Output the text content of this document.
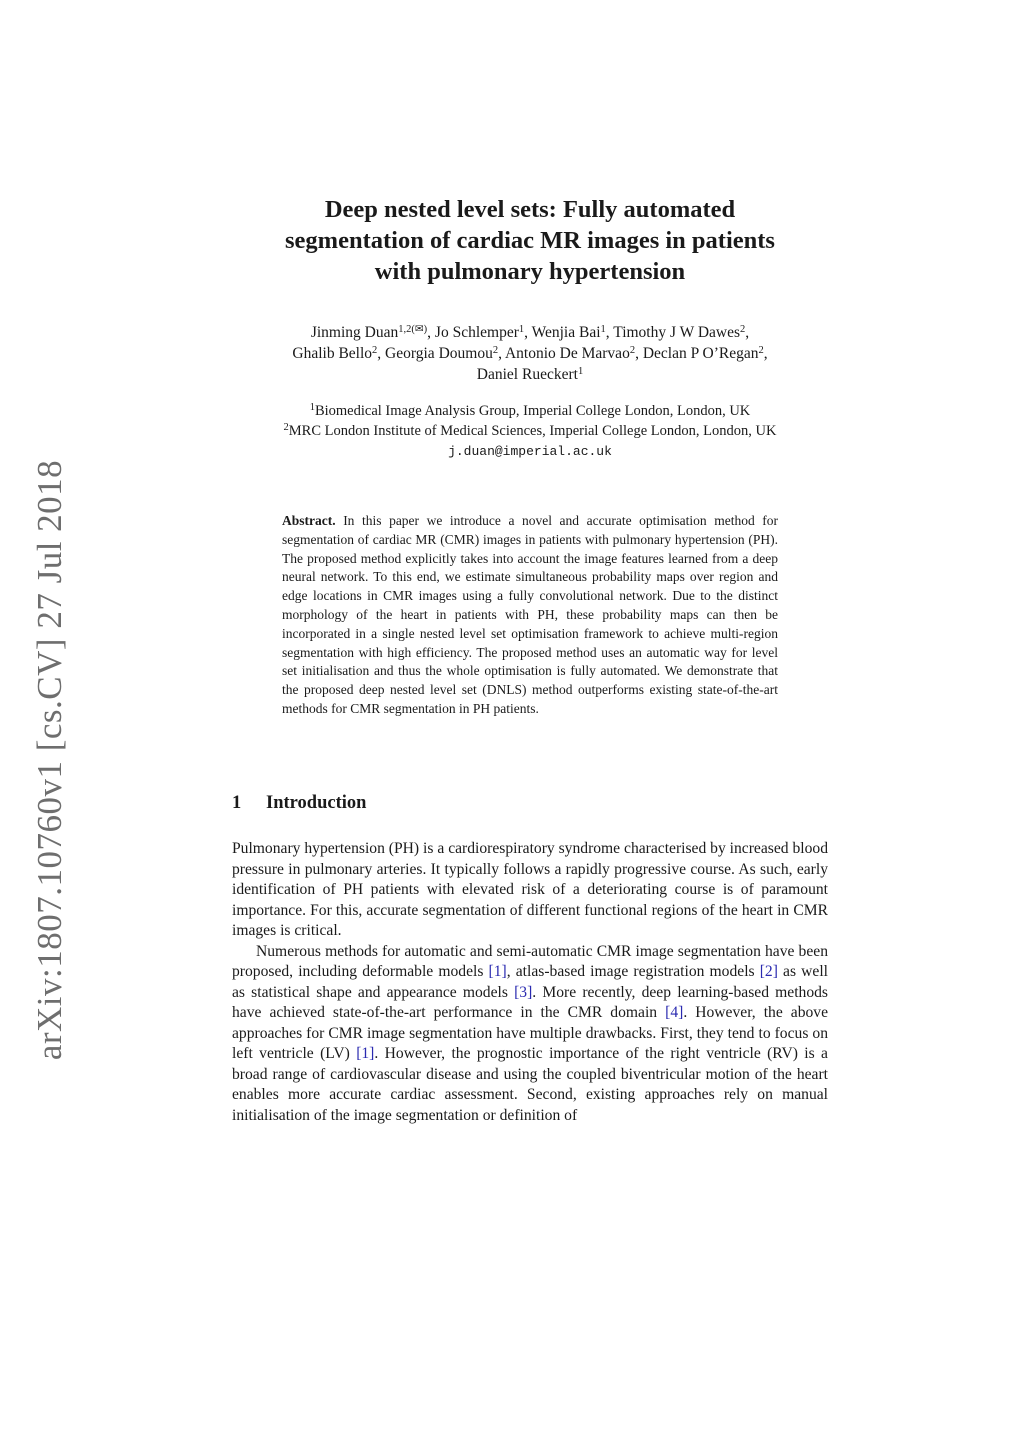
arXiv:1807.10760v1 [cs.CV] 27 Jul 2018
Deep nested level sets: Fully automated
segmentation of cardiac MR images in patients
with pulmonary hypertension
Jinming Duan$^{1,2(✉)}$, Jo Schlemper$^1$, Wenjia Bai$^1$, Timothy J W Dawes$^2$,
Ghalib Bello$^2$, Georgia Doumou$^2$, Antonio De Marvao$^2$, Declan P O’Regan$^2$,
Daniel Rueckert$^1$
$^1$Biomedical Image Analysis Group, Imperial College London, London, UK
$^2$MRC London Institute of Medical Sciences, Imperial College London, London, UK
j.duan@imperial.ac.uk
Abstract. In this paper we introduce a novel and accurate optimisation method for segmentation of cardiac MR (CMR) images in patients with pulmonary hypertension (PH). The proposed method explicitly takes into account the image features learned from a deep neural network. To this end, we estimate simultaneous probability maps over region and edge locations in CMR images using a fully convolutional network. Due to the distinct morphology of the heart in patients with PH, these probability maps can then be incorporated in a single nested level set optimisation framework to achieve multi-region segmentation with high efficiency. The proposed method uses an automatic way for level set initialisation and thus the whole optimisation is fully automated. We demonstrate that the proposed deep nested level set (DNLS) method outperforms existing state-of-the-art methods for CMR segmentation in PH patients.
1 Introduction

Pulmonary hypertension (PH) is a cardiorespiratory syndrome characterised by increased blood pressure in pulmonary arteries. It typically follows a rapidly progressive course. As such, early identification of PH patients with elevated risk of a deteriorating course is of paramount importance. For this, accurate segmentation of different functional regions of the heart in CMR images is critical.

Numerous methods for automatic and semi-automatic CMR image segmentation have been proposed, including deformable models [1], atlas-based image registration models [2] as well as statistical shape and appearance models [3]. More recently, deep learning-based methods have achieved state-of-the-art performance in the CMR domain [4]. However, the above approaches for CMR image segmentation have multiple drawbacks. First, they tend to focus on left ventricle (LV) [1]. However, the prognostic importance of the right ventricle (RV) is a broad range of cardiovascular disease and using the coupled biventricular motion of the heart enables more accurate cardiac assessment. Second, existing approaches rely on manual initialisation of the image segmentation or definition of
